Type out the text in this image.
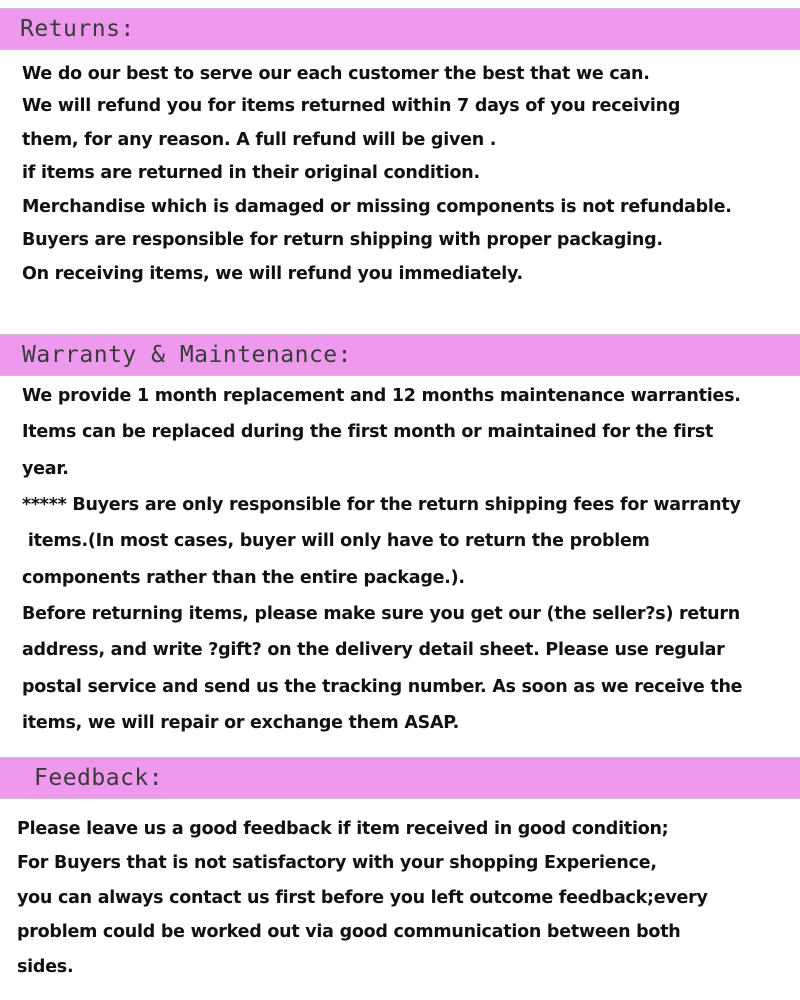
Returns:
We do our best to serve our each customer the best that we can.
We will refund you for items returned within 7 days of you receiving
them, for any reason. A full refund will be given .
if items are returned in their original condition.
Merchandise which is damaged or missing components is not refundable.
Buyers are responsible for return shipping with proper packaging.
On receiving items, we will refund you immediately.
Warranty & Maintenance:
We provide 1 month replacement and 12 months maintenance warranties.
Items can be replaced during the first month or maintained for the first
year.
***** Buyers are only responsible for the return shipping fees for warranty
items.(In most cases, buyer will only have to return the problem
components rather than the entire package.).
Before returning items, please make sure you get our (the seller?s) return
address, and write ?gift? on the delivery detail sheet. Please use regular
postal service and send us the tracking number. As soon as we receive the
items, we will repair or exchange them ASAP.
Feedback:
Please leave us a good feedback if item received in good condition;
For Buyers that is not satisfactory with your shopping Experience,
you can always contact us first before you left outcome feedback;every
problem could be worked out via good communication between both
sides.
